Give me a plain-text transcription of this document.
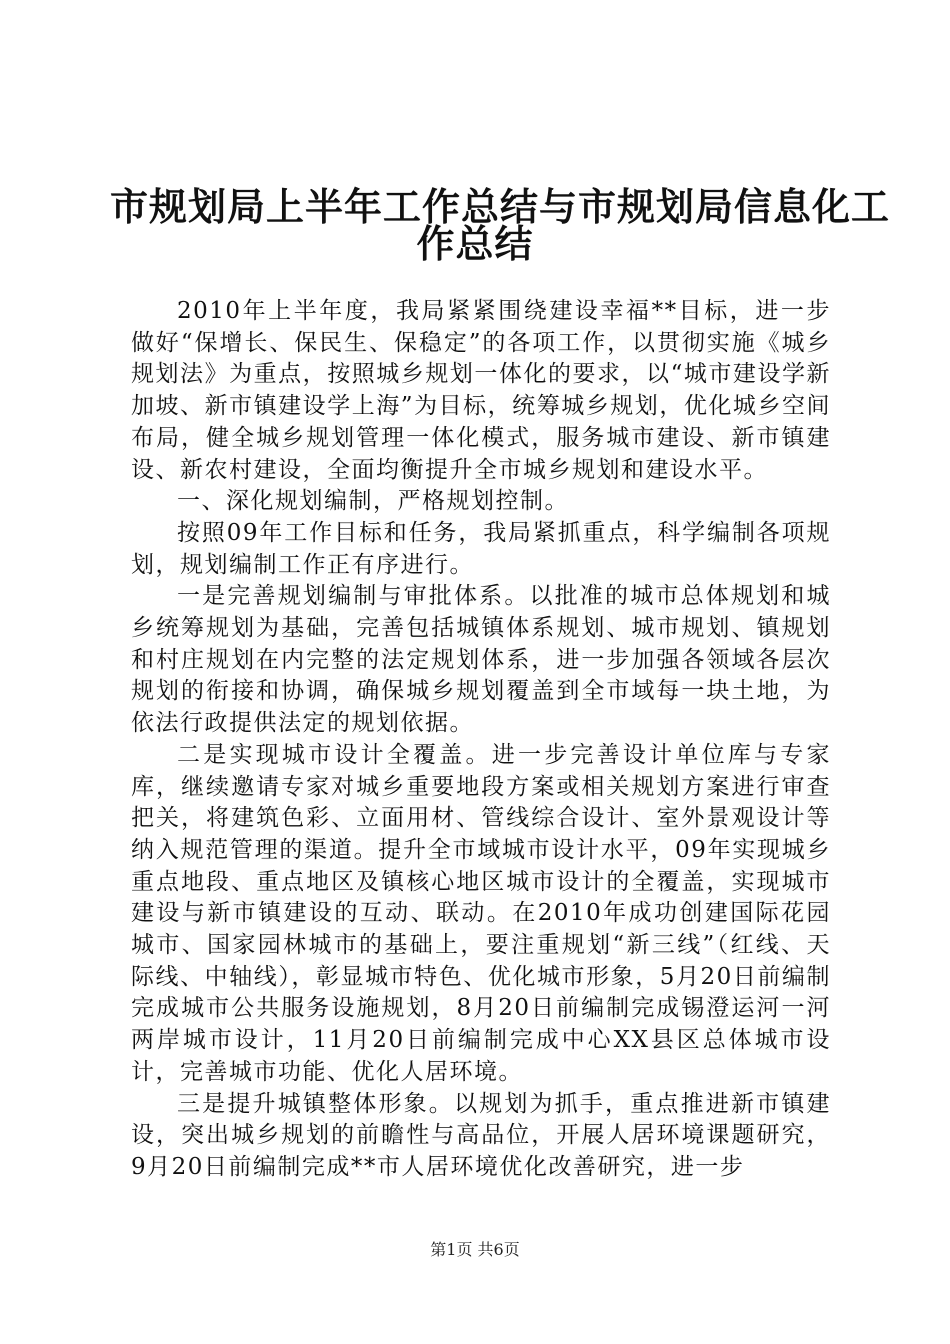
市规划局上半年工作总结与市规划局信息化工
作总结

2010年上半年度，我局紧紧围绕建设幸福**目标，进一步做好“保增长、保民生、保稳定”的各项工作，以贯彻实施《城乡规划法》为重点，按照城乡规划一体化的要求，以“城市建设学新加坡、新市镇建设学上海”为目标，统筹城乡规划，优化城乡空间布局，健全城乡规划管理一体化模式，服务城市建设、新市镇建设、新农村建设，全面均衡提升全市城乡规划和建设水平。

一、深化规划编制，严格规划控制。

按照09年工作目标和任务，我局紧抓重点，科学编制各项规划，规划编制工作正有序进行。

一是完善规划编制与审批体系。以批准的城市总体规划和城乡统筹规划为基础，完善包括城镇体系规划、城市规划、镇规划和村庄规划在内完整的法定规划体系，进一步加强各领域各层次规划的衔接和协调，确保城乡规划覆盖到全市域每一块土地，为依法行政提供法定的规划依据。

二是实现城市设计全覆盖。进一步完善设计单位库与专家库，继续邀请专家对城乡重要地段方案或相关规划方案进行审查把关，将建筑色彩、立面用材、管线综合设计、室外景观设计等纳入规范管理的渠道。提升全市域城市设计水平，09年实现城乡重点地段、重点地区及镇核心地区城市设计的全覆盖，实现城市建设与新市镇建设的互动、联动。在2010年成功创建国际花园城市、国家园林城市的基础上，要注重规划“新三线”（红线、天际线、中轴线），彰显城市特色、优化城市形象，5月20日前编制完成城市公共服务设施规划，8月20日前编制完成锡澄运河一河两岸城市设计，11月20日前编制完成中心XX县区总体城市设计，完善城市功能、优化人居环境。

三是提升城镇整体形象。以规划为抓手，重点推进新市镇建设，突出城乡规划的前瞻性与高品位，开展人居环境课题研究，9月20日前编制完成**市人居环境优化改善研究，进一步

第1页 共6页
